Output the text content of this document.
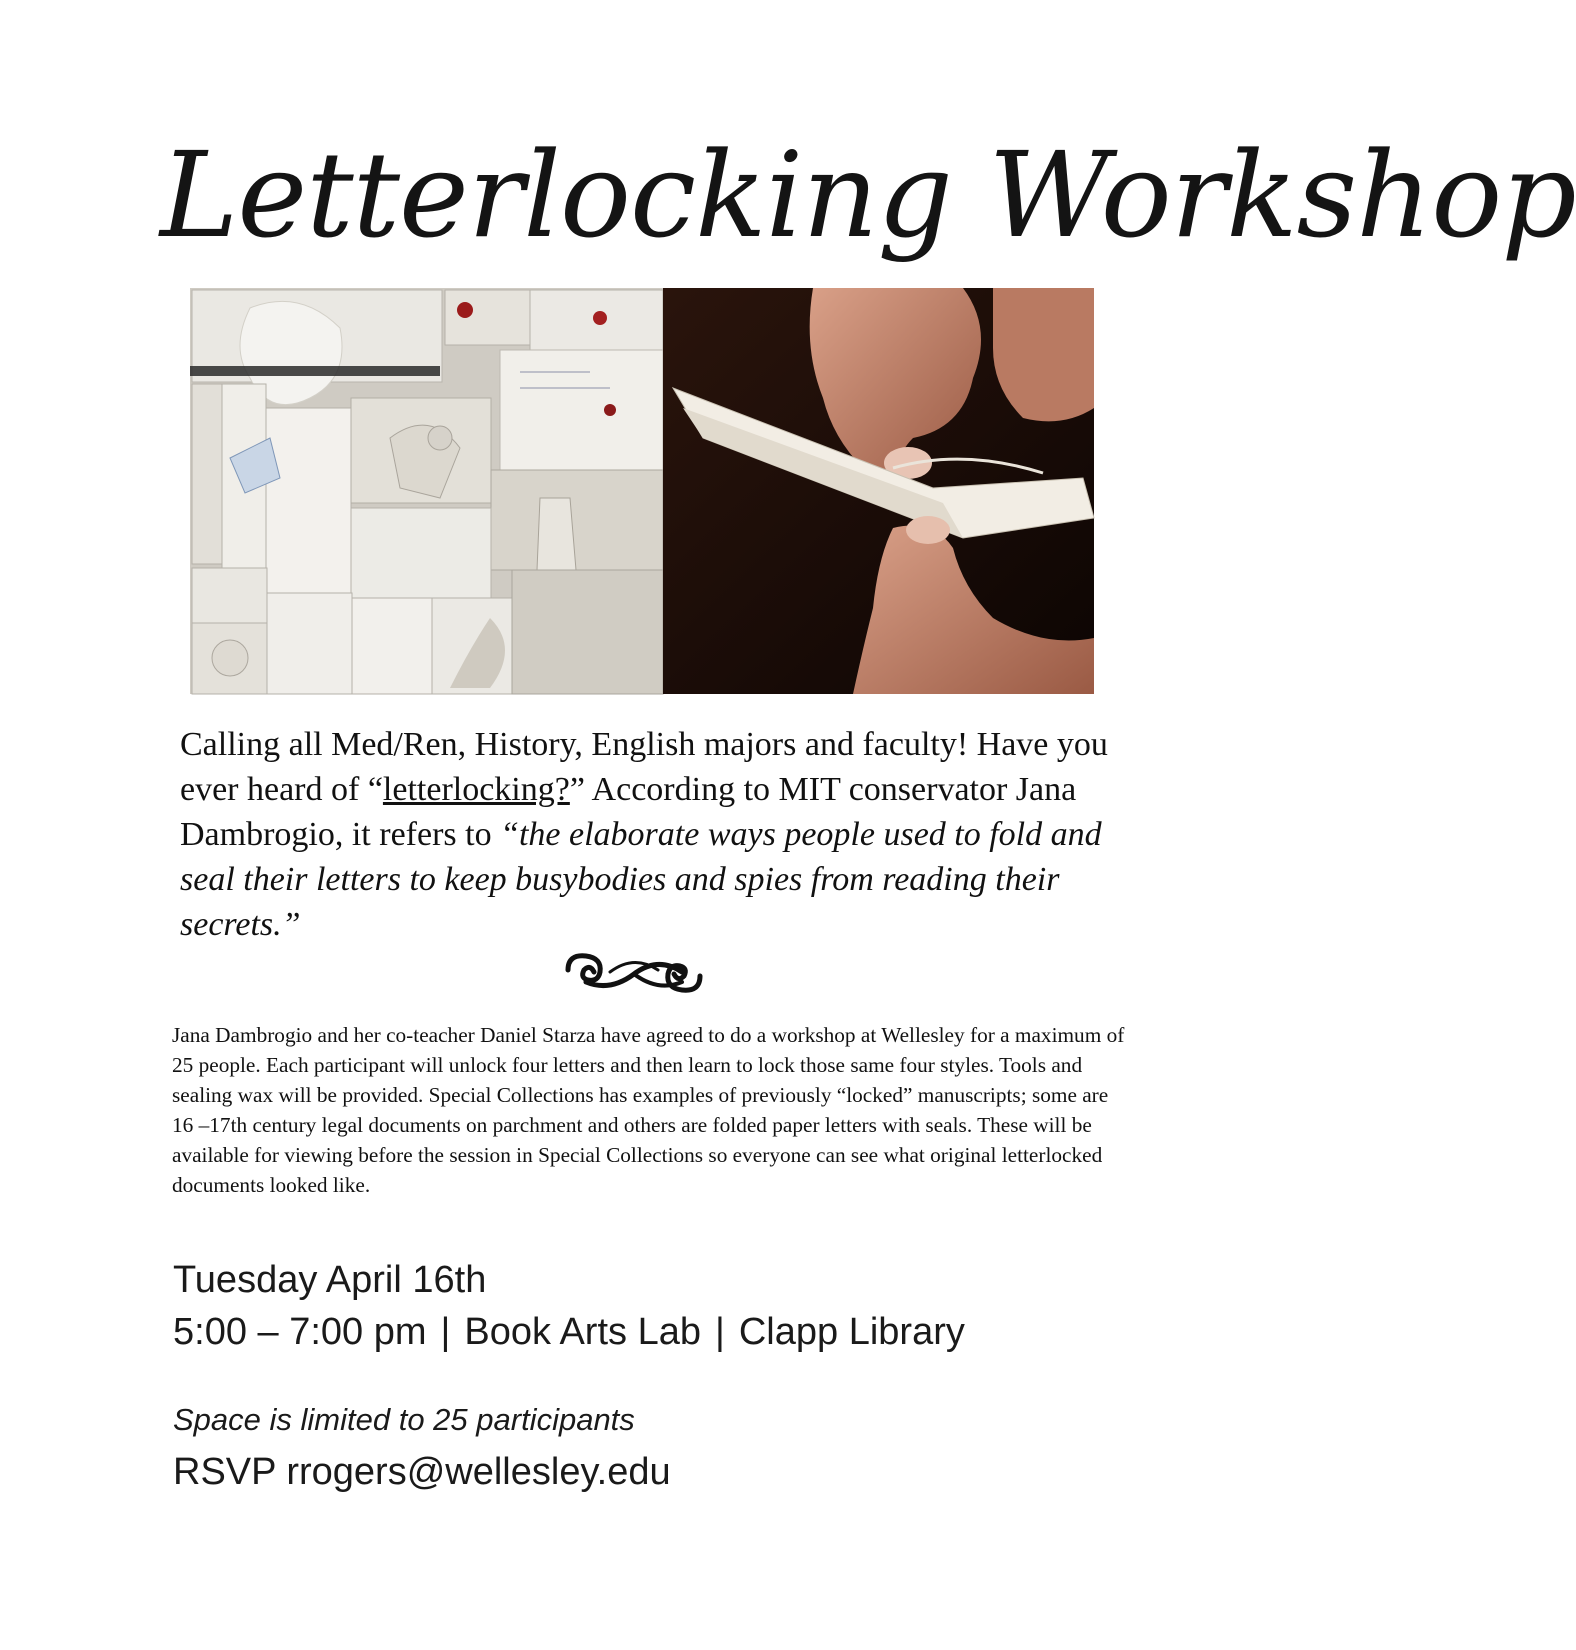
Letterlocking Workshop

Calling all Med/Ren, History, English majors and faculty! Have you ever heard of “letterlocking?” According to MIT conservator Jana Dambrogio, it refers to “the elaborate ways people used to fold and seal their letters to keep busybodies and spies from reading their secrets.”

Jana Dambrogio and her co-teacher Daniel Starza have agreed to do a workshop at Wellesley for a maximum of 25 people. Each participant will unlock four letters and then learn to lock those same four styles. Tools and sealing wax will be provided. Special Collections has examples of previously “locked” manuscripts; some are 16 –17th century legal documents on parchment and others are folded paper letters with seals. These will be available for viewing before the session in Special Collections so everyone can see what original letterlocked documents looked like.

Tuesday April 16th
5:00 – 7:00 pm | Book Arts Lab | Clapp Library

Space is limited to 25 participants

RSVP rrogers@wellesley.edu
